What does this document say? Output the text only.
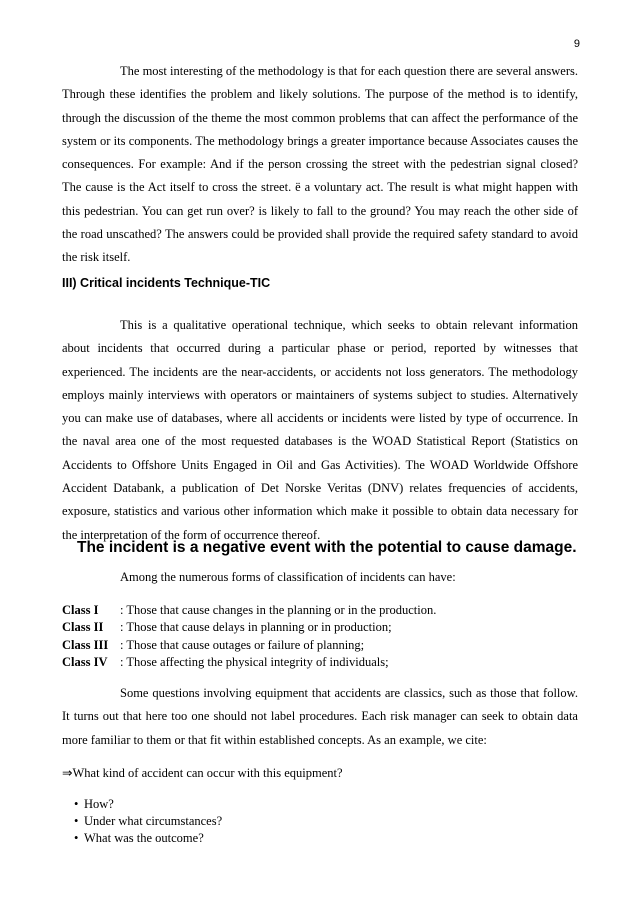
9

The most interesting of the methodology is that for each question there are several answers. Through these identifies the problem and likely solutions. The purpose of the method is to identify, through the discussion of the theme the most common problems that can affect the performance of the system or its components. The methodology brings a greater importance because Associates causes the consequences. For example: And if the person crossing the street with the pedestrian signal closed? The cause is the Act itself to cross the street. ë a voluntary act. The result is what might happen with this pedestrian. You can get run over? is likely to fall to the ground? You may reach the other side of the road unscathed? The answers could be provided shall provide the required safety standard to avoid the risk itself.

III) Critical incidents Technique-TIC

This is a qualitative operational technique, which seeks to obtain relevant information about incidents that occurred during a particular phase or period, reported by witnesses that experienced. The incidents are the near-accidents, or accidents not loss generators. The methodology employs mainly interviews with operators or maintainers of systems subject to studies. Alternatively you can make use of databases, where all accidents or incidents were listed by type of occurrence. In the naval area one of the most requested databases is the WOAD Statistical Report (Statistics on Accidents to Offshore Units Engaged in Oil and Gas Activities). The WOAD Worldwide Offshore Accident Databank, a publication of Det Norske Veritas (DNV) relates frequencies of accidents, exposure, statistics and various other information which make it possible to obtain data necessary for the interpretation of the form of occurrence thereof.

The incident is a negative event with the potential to cause damage.

Among the numerous forms of classification of incidents can have:

Class I	: Those that cause changes in the planning or in the production.
Class II	: Those that cause delays in planning or in production;
Class III : Those that cause outages or failure of planning;
Class IV	: Those affecting the physical integrity of individuals;

Some questions involving equipment that accidents are classics, such as those that follow. It turns out that here too one should not label procedures. Each risk manager can seek to obtain data more familiar to them or that fit within established concepts. As an example, we cite:

⇒What kind of accident can occur with this equipment?

• How?
• Under what circumstances?
• What was the outcome?
